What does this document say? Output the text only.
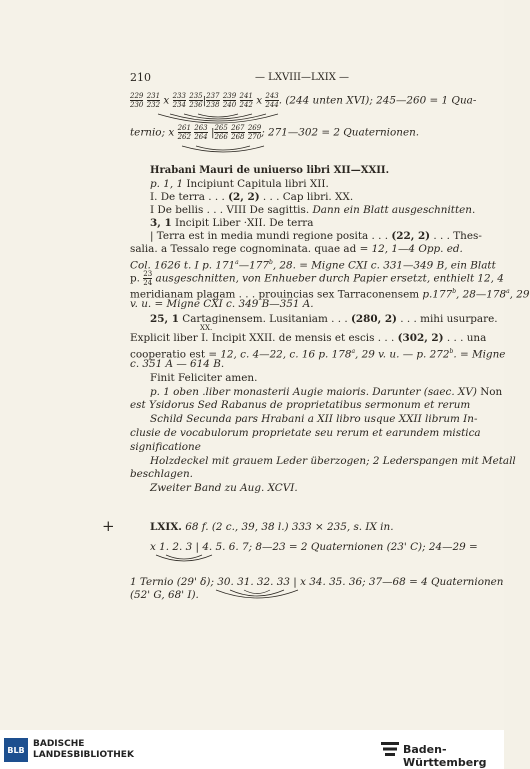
210	— LXVIII—LXIX —
$\frac{229}{230}$
$\frac{231}{232}$ x $\frac{233}{234}$
$\frac{235}{236}$ | $\frac{237}{238}$
$\frac{239}{240}$
$\frac{241}{242}$ x $\frac{243}{244}$ . (244 unten XVI); 245—260 = 1 Qua-
ternio; x $\frac{261}{262}$
$\frac{263}{264}$ | $\frac{265}{266}$
$\frac{267}{268}$
$\frac{269}{270}$ ; 271—302 = 2 Quaternionen.
Hrabani Mauri de uniuerso libri XII—XXII.
p. 1, 1 Incipiunt Capitula libri XII.
I. De terra . . . (2, 2) . . . Cap libri. XX.
I De bellis . . . VIII De sagittis. Dann ein Blatt ausgeschnitten.
3, 1 Incipit Liber ·XII. De terra
| Terra est in media mundi regione posita . . . (22, 2) . . . Thes-
salia. a Tessalo rege cognominata. quae ad = 12, 1—4 Opp. ed.
Col. 1626 t. I p. 171$^a$—177$^b$, 28. = Migne CXI c. 331—349 B, ein Blatt
p. $\frac{23}{24}$ ausgeschnitten, von Enhueber durch Papier ersetzt, enthielt 12, 4
meridianam plagam . . . prouincias sex Tarraconensem p.177$^b$, 28—178$^a$, 29
v. u. = Migne CXI c. 349 B—351 A.
25, 1 Cartaginensem. Lusitaniam . . . (280, 2) . . . mihi usurpare.
XX.
Explicit liber I. Incipit XXII. de mensis et escis . . . (302, 2) . . . una
cooperatio est = 12, c. 4—22, c. 16 p. 178$^a$, 29 v. u. — p. $272^b$. = Migne
c. 351 A — 614 B.
Finit Feliciter amen.
p. 1 oben .liber monasterii Augie maioris. Darunter (saec. XV) Non
est Ysidorus Sed Rabanus de proprietatibus sermonum et rerum
Schild Secunda pars Hrabani a XII libro usque XXII librum In-
clusie de vocabulorum proprietate seu rerum et earundem mistica
significatione
Holzdeckel mit grauem Leder überzogen; 2 Lederspangen mit Metall
beschlagen.
Zweiter Band zu Aug. XCVI.
+	LXIX. 68 f. (2 c., 39, 38 l.) 333 × 235, s. IX in.
x 1. 2. 3 | 4. 5. 6. 7; 8—23 = 2 Quaternionen (23' C); 24—29 =
1 Ternio (29' δ); 30. 31. 32. 33 | x 34. 35. 36; 37—68 = 4 Quaternionen
(52' G, 68' I).
BLB
BADISCHE
LANDESBIBLIOTHEK	Baden-Württemberg
